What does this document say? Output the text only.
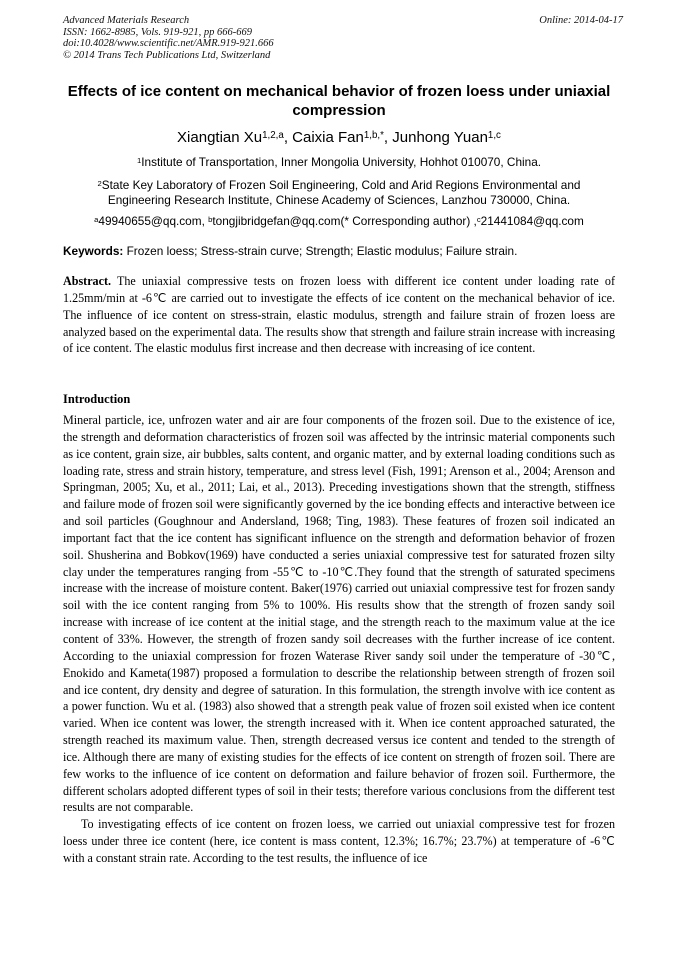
Advanced Materials Research
ISSN: 1662-8985, Vols. 919-921, pp 666-669
doi:10.4028/www.scientific.net/AMR.919-921.666
© 2014 Trans Tech Publications Ltd, Switzerland
Online: 2014-04-17
Effects of ice content on mechanical behavior of frozen loess under uniaxial compression
Xiangtian Xu$^{1,2,a}$, Caixia Fan$^{1,b,*}$, Junhong Yuan$^{1,c}$
$^1$Institute of Transportation, Inner Mongolia University, Hohhot 010070, China.
$^2$State Key Laboratory of Frozen Soil Engineering, Cold and Arid Regions Environmental and
Engineering Research Institute, Chinese Academy of Sciences, Lanzhou 730000, China.
$^a$49940655@qq.com, $^b$tongjibridgefan@qq.com(* Corresponding author) ,$^c$21441084@qq.com
Keywords: Frozen loess; Stress-strain curve; Strength; Elastic modulus; Failure strain.

Abstract. The uniaxial compressive tests on frozen loess with different ice content under loading rate of 1.25mm/min at -6℃ are carried out to investigate the effects of ice content on the mechanical behavior of ice. The influence of ice content on stress-strain, elastic modulus, strength and failure strain of frozen loess are analyzed based on the experimental data. The results show that strength and failure strain increase with increasing of ice content. The elastic modulus first increase and then decrease with increasing of ice content.

Introduction

Mineral particle, ice, unfrozen water and air are four components of the frozen soil. Due to the existence of ice, the strength and deformation characteristics of frozen soil was affected by the intrinsic material components such as ice content, grain size, air bubbles, salts content, and organic matter, and by external loading conditions such as loading rate, stress and strain history, temperature, and stress level (Fish, 1991; Arenson et al., 2004; Arenson and Springman, 2005; Xu, et al., 2011; Lai, et al., 2013). Preceding investigations shown that the strength, stiffness and failure mode of frozen soil were significantly governed by the ice bonding effects and interactive between ice and soil particles (Goughnour and Andersland, 1968; Ting, 1983). These features of frozen soil indicated an important fact that the ice content has significant influence on the strength and deformation behavior of frozen soil. Shusherina and Bobkov(1969) have conducted a series uniaxial compressive test for saturated frozen silty clay under the temperatures ranging from -55℃ to -10℃.They found that the strength of saturated specimens increase with the increase of moisture content. Baker(1976) carried out uniaxial compressive test for frozen sandy soil with the ice content ranging from 5% to 100%. His results show that the strength of frozen sandy soil increase with increase of ice content at the initial stage, and the strength reach to the maximum value at the ice content of 33%. However, the strength of frozen sandy soil decreases with the further increase of ice content. According to the uniaxial compression for frozen Waterase River sandy soil under the temperature of -30℃, Enokido and Kameta(1987) proposed a formulation to describe the relationship between strength of frozen soil and ice content, dry density and degree of saturation. In this formulation, the strength involve with ice content as a power function. Wu et al. (1983) also showed that a strength peak value of frozen soil existed when ice content varied. When ice content was lower, the strength increased with it. When ice content approached saturated, the strength reached its maximum value. Then, strength decreased versus ice content and tended to the strength of ice. Although there are many of existing studies for the effects of ice content on strength of frozen soil. There are few works to the influence of ice content on deformation and failure behavior of frozen soil. Furthermore, the different scholars adopted different types of soil in their tests; therefore various conclusions from the different test results are not comparable.

To investigating effects of ice content on frozen loess, we carried out uniaxial compressive test for frozen loess under three ice content (here, ice content is mass content, 12.3%; 16.7%; 23.7%) at temperature of -6℃ with a constant strain rate. According to the test results, the influence of ice
